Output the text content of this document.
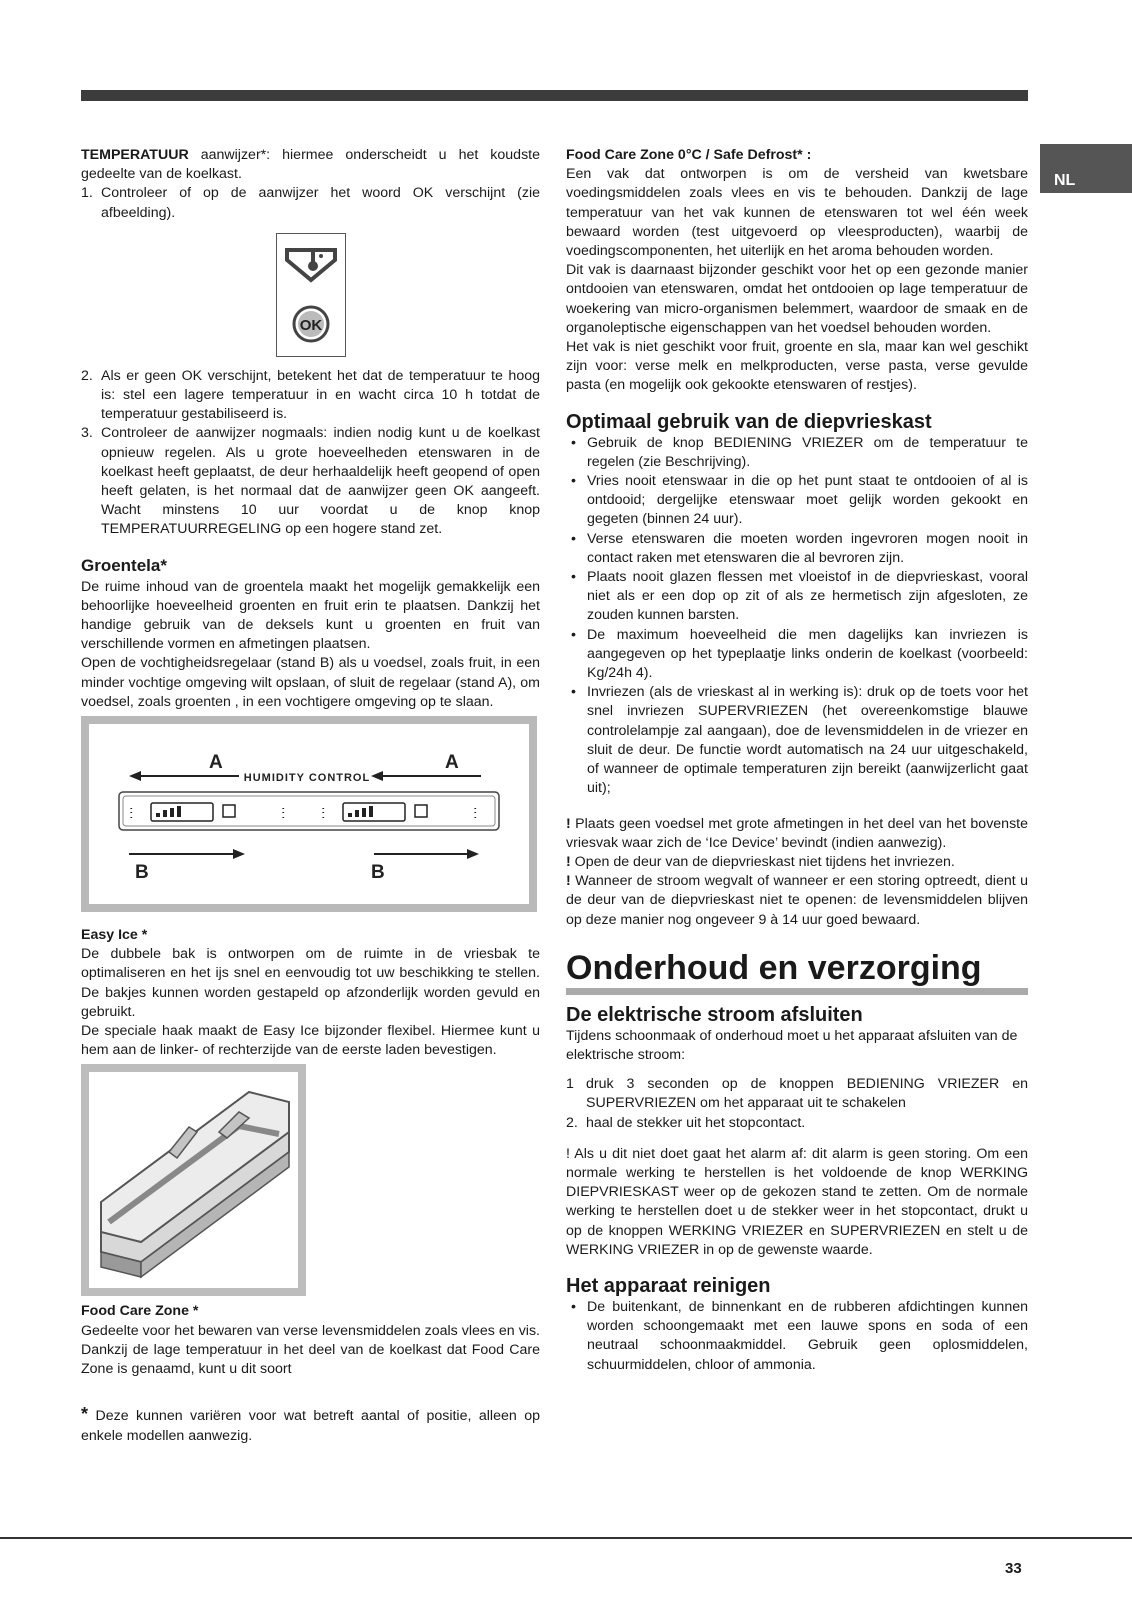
NL

TEMPERATUUR aanwijzer*: hiermee onderscheidt u het koudste gedeelte van de koelkast.

1. Controleer of op de aanwijzer het woord OK verschijnt (zie afbeelding).
OK
2. Als er geen OK verschijnt, betekent het dat de temperatuur te hoog is: stel een lagere temperatuur in en wacht circa 10 h totdat de temperatuur gestabiliseerd is.
3. Controleer de aanwijzer nogmaals: indien nodig kunt u de koelkast opnieuw regelen. Als u grote hoeveelheden etenswaren in de koelkast heeft geplaatst, de deur herhaaldelijk heeft geopend of open heeft gelaten, is het normaal dat de aanwijzer geen OK aangeeft. Wacht minstens 10 uur voordat u de knop knop TEMPERATUURREGELING op een hogere stand zet.
Groentela*

De ruime inhoud van de groentela maakt het mogelijk gemakkelijk een behoorlijke hoeveelheid groenten en fruit erin te plaatsen. Dankzij het handige gebruik van de deksels kunt u groenten en fruit van verschillende vormen en afmetingen plaatsen.

Open de vochtigheidsregelaar (stand B) als u voedsel, zoals fruit, in een minder vochtige omgeving wilt opslaan, of sluit de regelaar (stand A), om voedsel, zoals groenten , in een vochtigere omgeving op te slaan.

A	A
HUMIDITY CONTROL
ⵗ	ⵗ	ⵗ	ⵗ
B	B
Easy Ice *

De dubbele bak is ontworpen om de ruimte in de vriesbak te optimaliseren en het ijs snel en eenvoudig tot uw beschikking te stellen. De bakjes kunnen worden gestapeld op afzonderlijk worden gevuld en gebruikt.

De speciale haak maakt de Easy Ice bijzonder flexibel. Hiermee kunt u hem aan de linker- of rechterzijde van de eerste laden bevestigen.

Food Care Zone *

Gedeelte voor het bewaren van verse levensmiddelen zoals vlees en vis. Dankzij de lage temperatuur in het deel van de koelkast dat Food Care Zone is genaamd, kunt u dit soort

* Deze kunnen variëren voor wat betreft aantal of positie, alleen op enkele modellen aanwezig.

Food Care Zone 0°C / Safe Defrost* :

Een vak dat ontworpen is om de versheid van kwetsbare voedingsmiddelen zoals vlees en vis te behouden. Dankzij de lage temperatuur van het vak kunnen de etenswaren tot wel één week bewaard worden (test uitgevoerd op vleesproducten), waarbij de voedingscomponenten, het uiterlijk en het aroma behouden worden.

Dit vak is daarnaast bijzonder geschikt voor het op een gezonde manier ontdooien van etenswaren, omdat het ontdooien op lage temperatuur de woekering van micro-organismen belemmert, waardoor de smaak en de organoleptische eigenschappen van het voedsel behouden worden.

Het vak is niet geschikt voor fruit, groente en sla, maar kan wel geschikt zijn voor: verse melk en melkproducten, verse pasta, verse gevulde pasta (en mogelijk ook gekookte etenswaren of restjes).

Optimaal gebruik van de diepvrieskast
• Gebruik de knop BEDIENING VRIEZER om de temperatuur te regelen (zie Beschrijving).
• Vries nooit etenswaar in die op het punt staat te ontdooien of al is ontdooid; dergelijke etenswaar moet gelijk worden gekookt en gegeten (binnen 24 uur).
• Verse etenswaren die moeten worden ingevroren mogen nooit in contact raken met etenswaren die al bevroren zijn.
• Plaats nooit glazen flessen met vloeistof in de diepvrieskast, vooral niet als er een dop op zit of als ze hermetisch zijn afgesloten, ze zouden kunnen barsten.
• De maximum hoeveelheid die men dagelijks kan invriezen is aangegeven op het typeplaatje links onderin de koelkast (voorbeeld: Kg/24h 4).
• Invriezen (als de vrieskast al in werking is): druk op de toets voor het snel invriezen SUPERVRIEZEN (het overeenkomstige blauwe controlelampje zal aangaan), doe de levensmiddelen in de vriezer en sluit de deur. De functie wordt automatisch na 24 uur uitgeschakeld, of wanneer de optimale temperaturen zijn bereikt (aanwijzerlicht gaat uit);

! Plaats geen voedsel met grote afmetingen in het deel van het bovenste vriesvak waar zich de ‘Ice Device’ bevindt (indien aanwezig).

! Open de deur van de diepvrieskast niet tijdens het invriezen.

! Wanneer de stroom wegvalt of wanneer er een storing optreedt, dient u de deur van de diepvrieskast niet te openen: de levensmiddelen blijven op deze manier nog ongeveer 9 à 14 uur goed bewaard.

Onderhoud en verzorging
De elektrische stroom afsluiten

Tijdens schoonmaak of onderhoud moet u het apparaat afsluiten van de elektrische stroom:

1 druk 3 seconden op de knoppen BEDIENING VRIEZER en SUPERVRIEZEN om het apparaat uit te schakelen
2. haal de stekker uit het stopcontact.

! Als u dit niet doet gaat het alarm af: dit alarm is geen storing. Om een normale werking te herstellen is het voldoende de knop WERKING DIEPVRIESKAST weer op de gekozen stand te zetten. Om de normale werking te herstellen doet u de stekker weer in het stopcontact, drukt u op de knoppen WERKING VRIEZER en SUPERVRIEZEN en stelt u de WERKING VRIEZER in op de gewenste waarde.

Het apparaat reinigen
• De buitenkant, de binnenkant en de rubberen afdichtingen kunnen worden schoongemaakt met een lauwe spons en soda of een neutraal schoonmaakmiddel. Gebruik geen oplosmiddelen, schuurmiddelen, chloor of ammonia.
33
